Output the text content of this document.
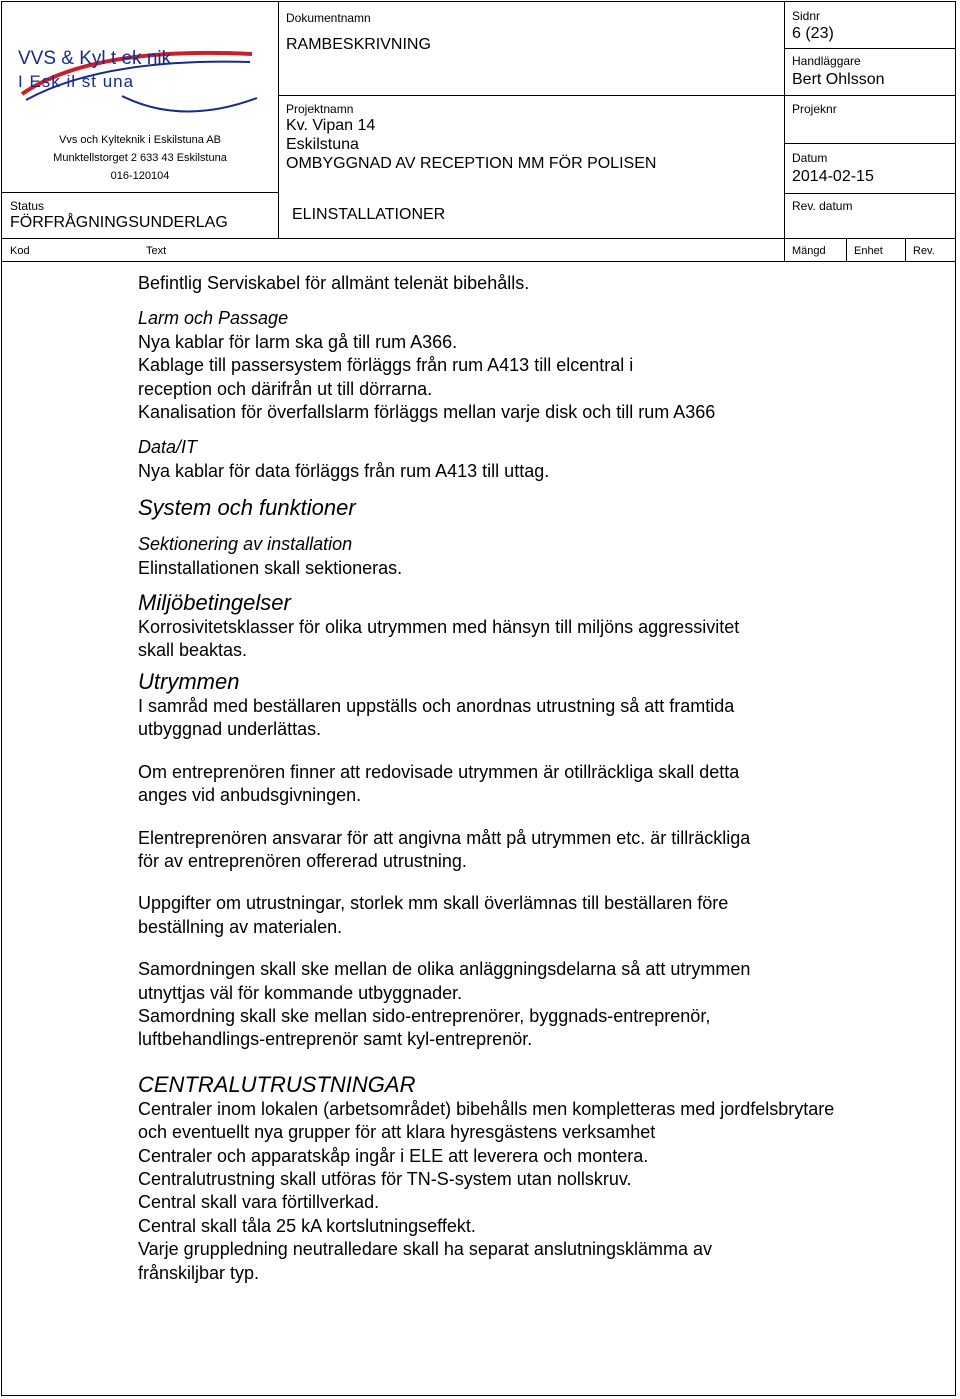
VVS & Kyl t ek nik
I Esk il st una
Vvs och Kylteknik i Eskilstuna AB
Munktellstorget 2 633 43 Eskilstuna
016-120104
Status
FÖRFRÅGNINGSUNDERLAG
Dokumentnamn
RAMBESKRIVNING
Projektnamn
Kv. Vipan 14
Eskilstuna
OMBYGGNAD AV RECEPTION MM FÖR POLISEN
ELINSTALLATIONER
Sidnr
6 (23)
Handläggare
Bert Ohlsson
Projeknr
Datum
2014-02-15
Rev. datum
Kod	Text	Mängd	Enhet	Rev.

Befintlig Serviskabel för allmänt telenät bibehålls.

Larm och Passage

Nya kablar för larm ska gå till rum A366.

Kablage till passersystem förläggs från rum A413 till elcentral i

reception och därifrån ut till dörrarna.

Kanalisation för överfallslarm förläggs mellan varje disk och till rum A366

Data/IT

Nya kablar för data förläggs från rum A413 till uttag.

System och funktioner

Sektionering av installation

Elinstallationen skall sektioneras.

Miljöbetingelser

Korrosivitetsklasser för olika utrymmen med hänsyn till miljöns aggressivitet

skall beaktas.

Utrymmen

I samråd med beställaren uppställs och anordnas utrustning så att framtida

utbyggnad underlättas.

Om entreprenören finner att redovisade utrymmen är otillräckliga skall detta

anges vid anbudsgivningen.

Elentreprenören ansvarar för att angivna mått på utrymmen etc. är tillräckliga

för av entreprenören offererad utrustning.

Uppgifter om utrustningar, storlek mm skall överlämnas till beställaren före

beställning av materialen.

Samordningen skall ske mellan de olika anläggningsdelarna så att utrymmen

utnyttjas väl för kommande utbyggnader.

Samordning skall ske mellan sido-entreprenörer, byggnads-entreprenör,

luftbehandlings-entreprenör samt kyl-entreprenör.

CENTRALUTRUSTNINGAR

Centraler inom lokalen (arbetsområdet) bibehålls men kompletteras med jordfelsbrytare

och eventuellt nya grupper för att klara hyresgästens verksamhet

Centraler och apparatskåp ingår i ELE att leverera och montera.

Centralutrustning skall utföras för TN-S-system utan nollskruv.

Central skall vara förtillverkad.

Central skall tåla 25 kA kortslutningseffekt.

Varje gruppledning neutralledare skall ha separat anslutningsklämma av

frånskiljbar typ.
